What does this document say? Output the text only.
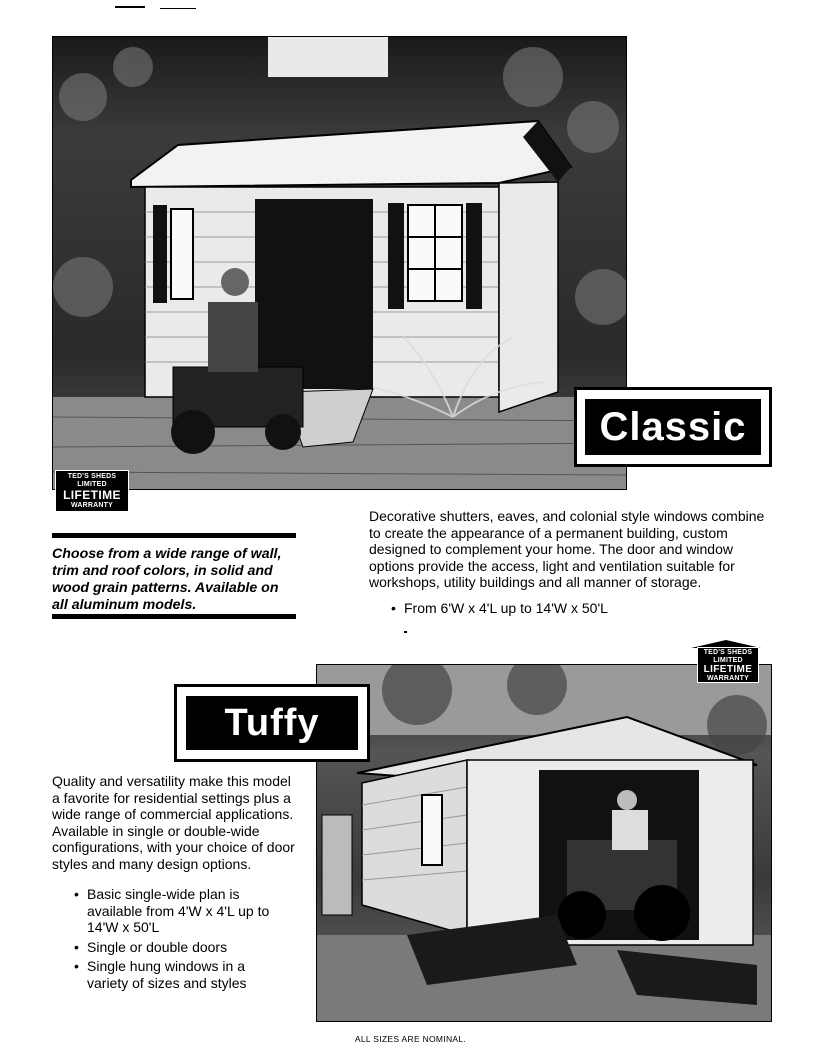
TED'S SHEDS
LIMITED
LIFETIME
WARRANTY
Classic
Choose from a wide range of wall, trim and roof colors, in solid and wood grain patterns. Available on all aluminum models.
Decorative shutters, eaves, and colonial style windows combine to create the appearance of a permanent building, custom designed to complement your home. The door and window options provide the access, light and ventilation suitable for workshops, utility buildings and all manner of storage.
• From 6'W x 4'L up to 14'W x 50'L
TED'S SHEDS
LIMITED
LIFETIME
WARRANTY
Tuffy
Quality and versatility make this model a favorite for residential settings plus a wide range of commercial applications. Available in single or double-wide configurations, with your choice of door styles and many design options.
• Basic single-wide plan is available from 4'W x 4'L up to 14'W x 50'L
• Single or double doors
• Single hung windows in a variety of sizes and styles
ALL SIZES ARE NOMINAL.
